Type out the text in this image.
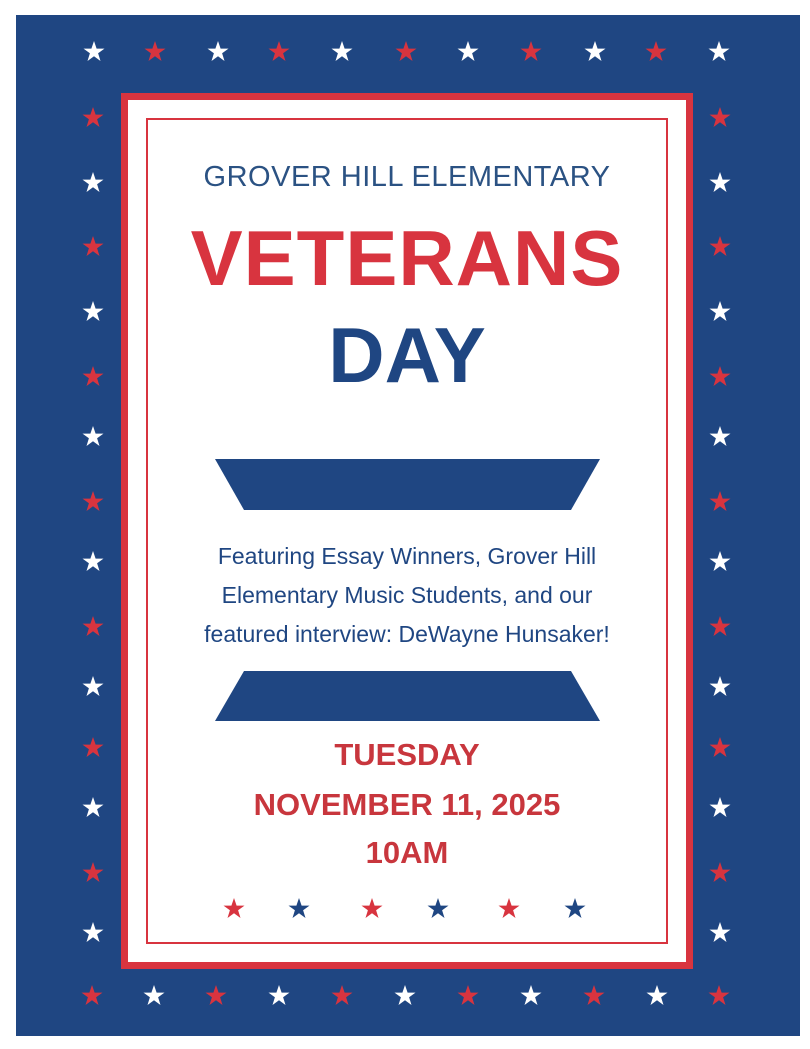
GROVER HILL ELEMENTARY

VETERANS

DAY

Featuring Essay Winners, Grover Hill
Elementary Music Students, and our
featured interview: DeWayne Hunsaker!

TUESDAY

NOVEMBER 11, 2025

10AM
